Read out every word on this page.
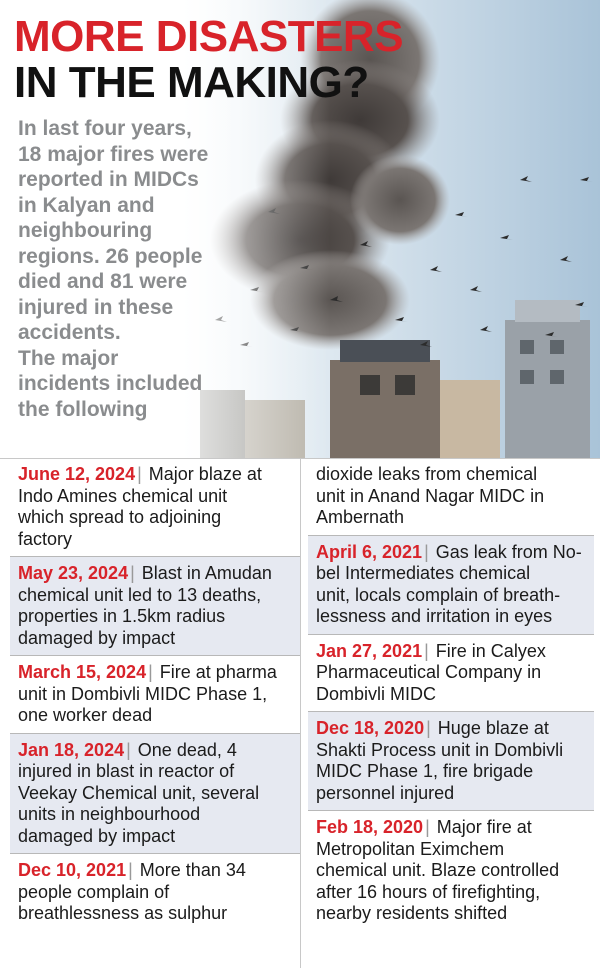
MORE DISASTERS
IN THE MAKING?
In last four years,
18 major fires were
reported in MIDCs
in Kalyan and
neighbouring
regions. 26 people
died and 81 were
injured in these
accidents.
The major
incidents included
the following
June 12, 2024 | Major blaze at
Indo Amines chemical unit
which spread to adjoining
factory
May 23, 2024 | Blast in Amudan
chemical unit led to 13 deaths,
properties in 1.5km radius
damaged by impact
March 15, 2024 | Fire at pharma
unit in Dombivli MIDC Phase 1,
one worker dead
Jan 18, 2024 | One dead, 4
injured in blast in reactor of
Veekay Chemical unit, several
units in neighbourhood
damaged by impact
Dec 10, 2021 | More than 34
people complain of
breathlessness as sulphur
dioxide leaks from chemical
unit in Anand Nagar MIDC in
Ambernath
April 6, 2021 | Gas leak from No-
bel Intermediates chemical
unit, locals complain of breath-
lessness and irritation in eyes
Jan 27, 2021 | Fire in Calyex
Pharmaceutical Company in
Dombivli MIDC
Dec 18, 2020 | Huge blaze at
Shakti Process unit in Dombivli
MIDC Phase 1, fire brigade
personnel injured
Feb 18, 2020 | Major fire at
Metropolitan Eximchem
chemical unit. Blaze controlled
after 16 hours of firefighting,
nearby residents shifted
